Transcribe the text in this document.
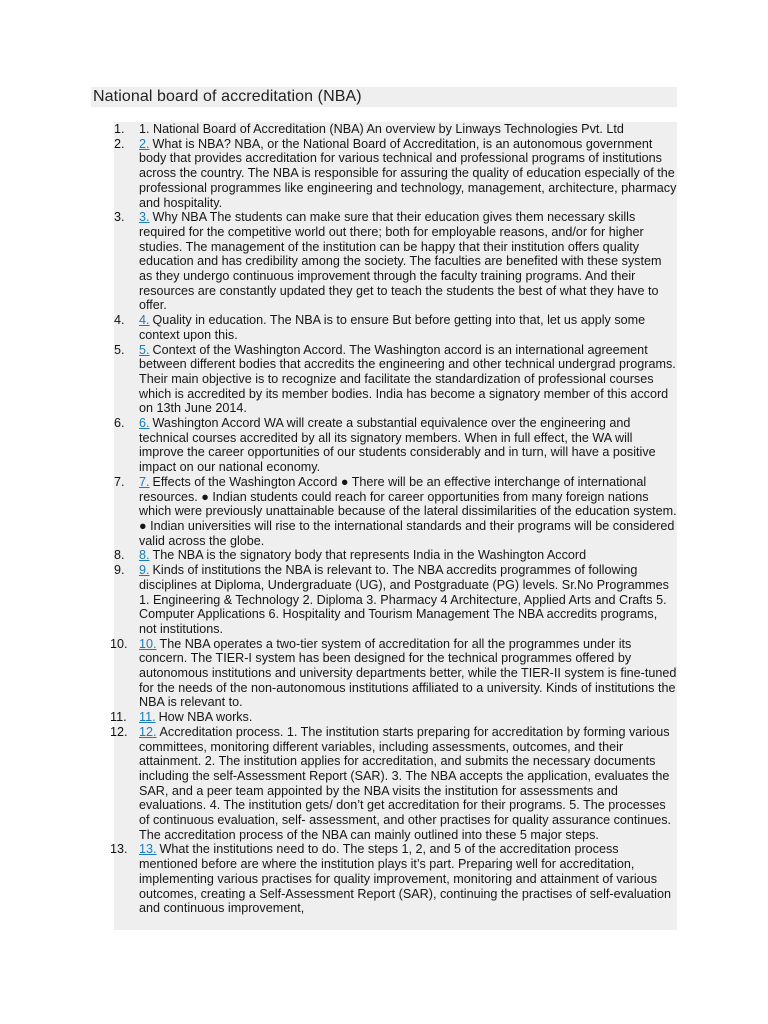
National board of accreditation (NBA)
1.	1. National Board of Accreditation (NBA) An overview by Linways Technologies Pvt. Ltd
2.	2. What is NBA? NBA, or the National Board of Accreditation, is an autonomous government body that provides accreditation for various technical and professional programs of institutions across the country. The NBA is responsible for assuring the quality of education especially of the professional programmes like engineering and technology, management, architecture, pharmacy and hospitality.
3.	3. Why NBA The students can make sure that their education gives them necessary skills required for the competitive world out there; both for employable reasons, and/or for higher studies. The management of the institution can be happy that their institution offers quality education and has credibility among the society. The faculties are benefited with these system as they undergo continuous improvement through the faculty training programs. And their resources are constantly updated they get to teach the students the best of what they have to offer.
4.	4. Quality in education. The NBA is to ensure But before getting into that, let us apply some context upon this.
5.	5. Context of the Washington Accord. The Washington accord is an international agreement between different bodies that accredits the engineering and other technical undergrad programs. Their main objective is to recognize and facilitate the standardization of professional courses which is accredited by its member bodies. India has become a signatory member of this accord on 13th June 2014.
6.	6. Washington Accord WA will create a substantial equivalence over the engineering and technical courses accredited by all its signatory members. When in full effect, the WA will improve the career opportunities of our students considerably and in turn, will have a positive impact on our national economy.
7.	7. Effects of the Washington Accord ● There will be an effective interchange of international resources. ● Indian students could reach for career opportunities from many foreign nations which were previously unattainable because of the lateral dissimilarities of the education system. ● Indian universities will rise to the international standards and their programs will be considered valid across the globe.
8.	8. The NBA is the signatory body that represents India in the Washington Accord
9.	9. Kinds of institutions the NBA is relevant to. The NBA accredits programmes of following disciplines at Diploma, Undergraduate (UG), and Postgraduate (PG) levels. Sr.No Programmes 1. Engineering & Technology 2. Diploma 3. Pharmacy 4 Architecture, Applied Arts and Crafts 5. Computer Applications 6. Hospitality and Tourism Management The NBA accredits programs, not institutions.
10. 10. The NBA operates a two-tier system of accreditation for all the programmes under its concern. The TIER-I system has been designed for the technical programmes offered by autonomous institutions and university departments better, while the TIER-II system is fine-tuned for the needs of the non-autonomous institutions affiliated to a university. Kinds of institutions the NBA is relevant to.
11. 11. How NBA works.
12. 12. Accreditation process. 1. The institution starts preparing for accreditation by forming various committees, monitoring different variables, including assessments, outcomes, and their attainment. 2. The institution applies for accreditation, and submits the necessary documents including the self-Assessment Report (SAR). 3. The NBA accepts the application, evaluates the SAR, and a peer team appointed by the NBA visits the institution for assessments and evaluations. 4. The institution gets/ don’t get accreditation for their programs. 5. The processes of continuous evaluation, self- assessment, and other practises for quality assurance continues. The accreditation process of the NBA can mainly outlined into these 5 major steps.
13. 13. What the institutions need to do. The steps 1, 2, and 5 of the accreditation process mentioned before are where the institution plays it’s part. Preparing well for accreditation, implementing various practises for quality improvement, monitoring and attainment of various outcomes, creating a Self-Assessment Report (SAR), continuing the practises of self-evaluation and continuous improvement,
